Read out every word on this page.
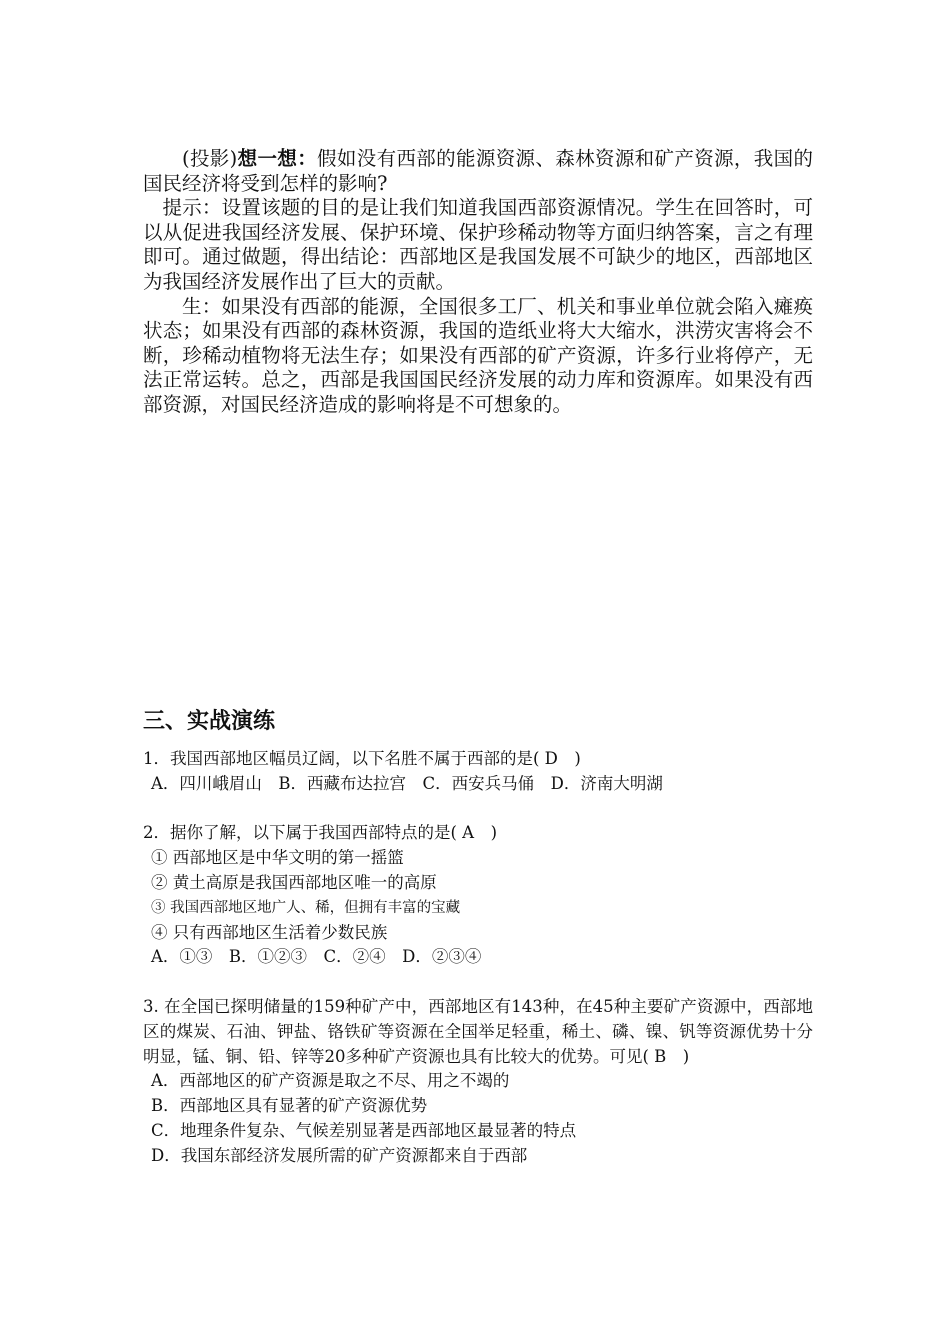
(投影)想一想：假如没有西部的能源资源、森林资源和矿产资源，我国的国民经济将受到怎样的影响?

提示：设置该题的目的是让我们知道我国西部资源情况。学生在回答时，可以从促进我国经济发展、保护环境、保护珍稀动物等方面归纳答案，言之有理即可。通过做题，得出结论：西部地区是我国发展不可缺少的地区，西部地区为我国经济发展作出了巨大的贡献。

生：如果没有西部的能源，全国很多工厂、机关和事业单位就会陷入瘫痪状态；如果没有西部的森林资源，我国的造纸业将大大缩水，洪涝灾害将会不断，珍稀动植物将无法生存；如果没有西部的矿产资源，许多行业将停产，无法正常运转。总之，西部是我国国民经济发展的动力库和资源库。如果没有西部资源，对国民经济造成的影响将是不可想象的。

三、实战演练

1．我国西部地区幅员辽阔，以下名胜不属于西部的是( D　)

A．四川峨眉山　B．西藏布达拉宫　C．西安兵马俑　D．济南大明湖

2．据你了解，以下属于我国西部特点的是( A　)

① 西部地区是中华文明的第一摇篮

② 黄土高原是我国西部地区唯一的高原

③ 我国西部地区地广人、稀，但拥有丰富的宝藏

④ 只有西部地区生活着少数民族

A．①③　B．①②③　C．②④　D．②③④

3. 在全国已探明储量的159种矿产中，西部地区有143种，在45种主要矿产资源中，西部地区的煤炭、石油、钾盐、铬铁矿等资源在全国举足轻重，稀土、磷、镍、钒等资源优势十分明显，锰、铜、铅、锌等20多种矿产资源也具有比较大的优势。可见( B　)

A．西部地区的矿产资源是取之不尽、用之不竭的

B．西部地区具有显著的矿产资源优势

C．地理条件复杂、气候差别显著是西部地区最显著的特点

D．我国东部经济发展所需的矿产资源都来自于西部
